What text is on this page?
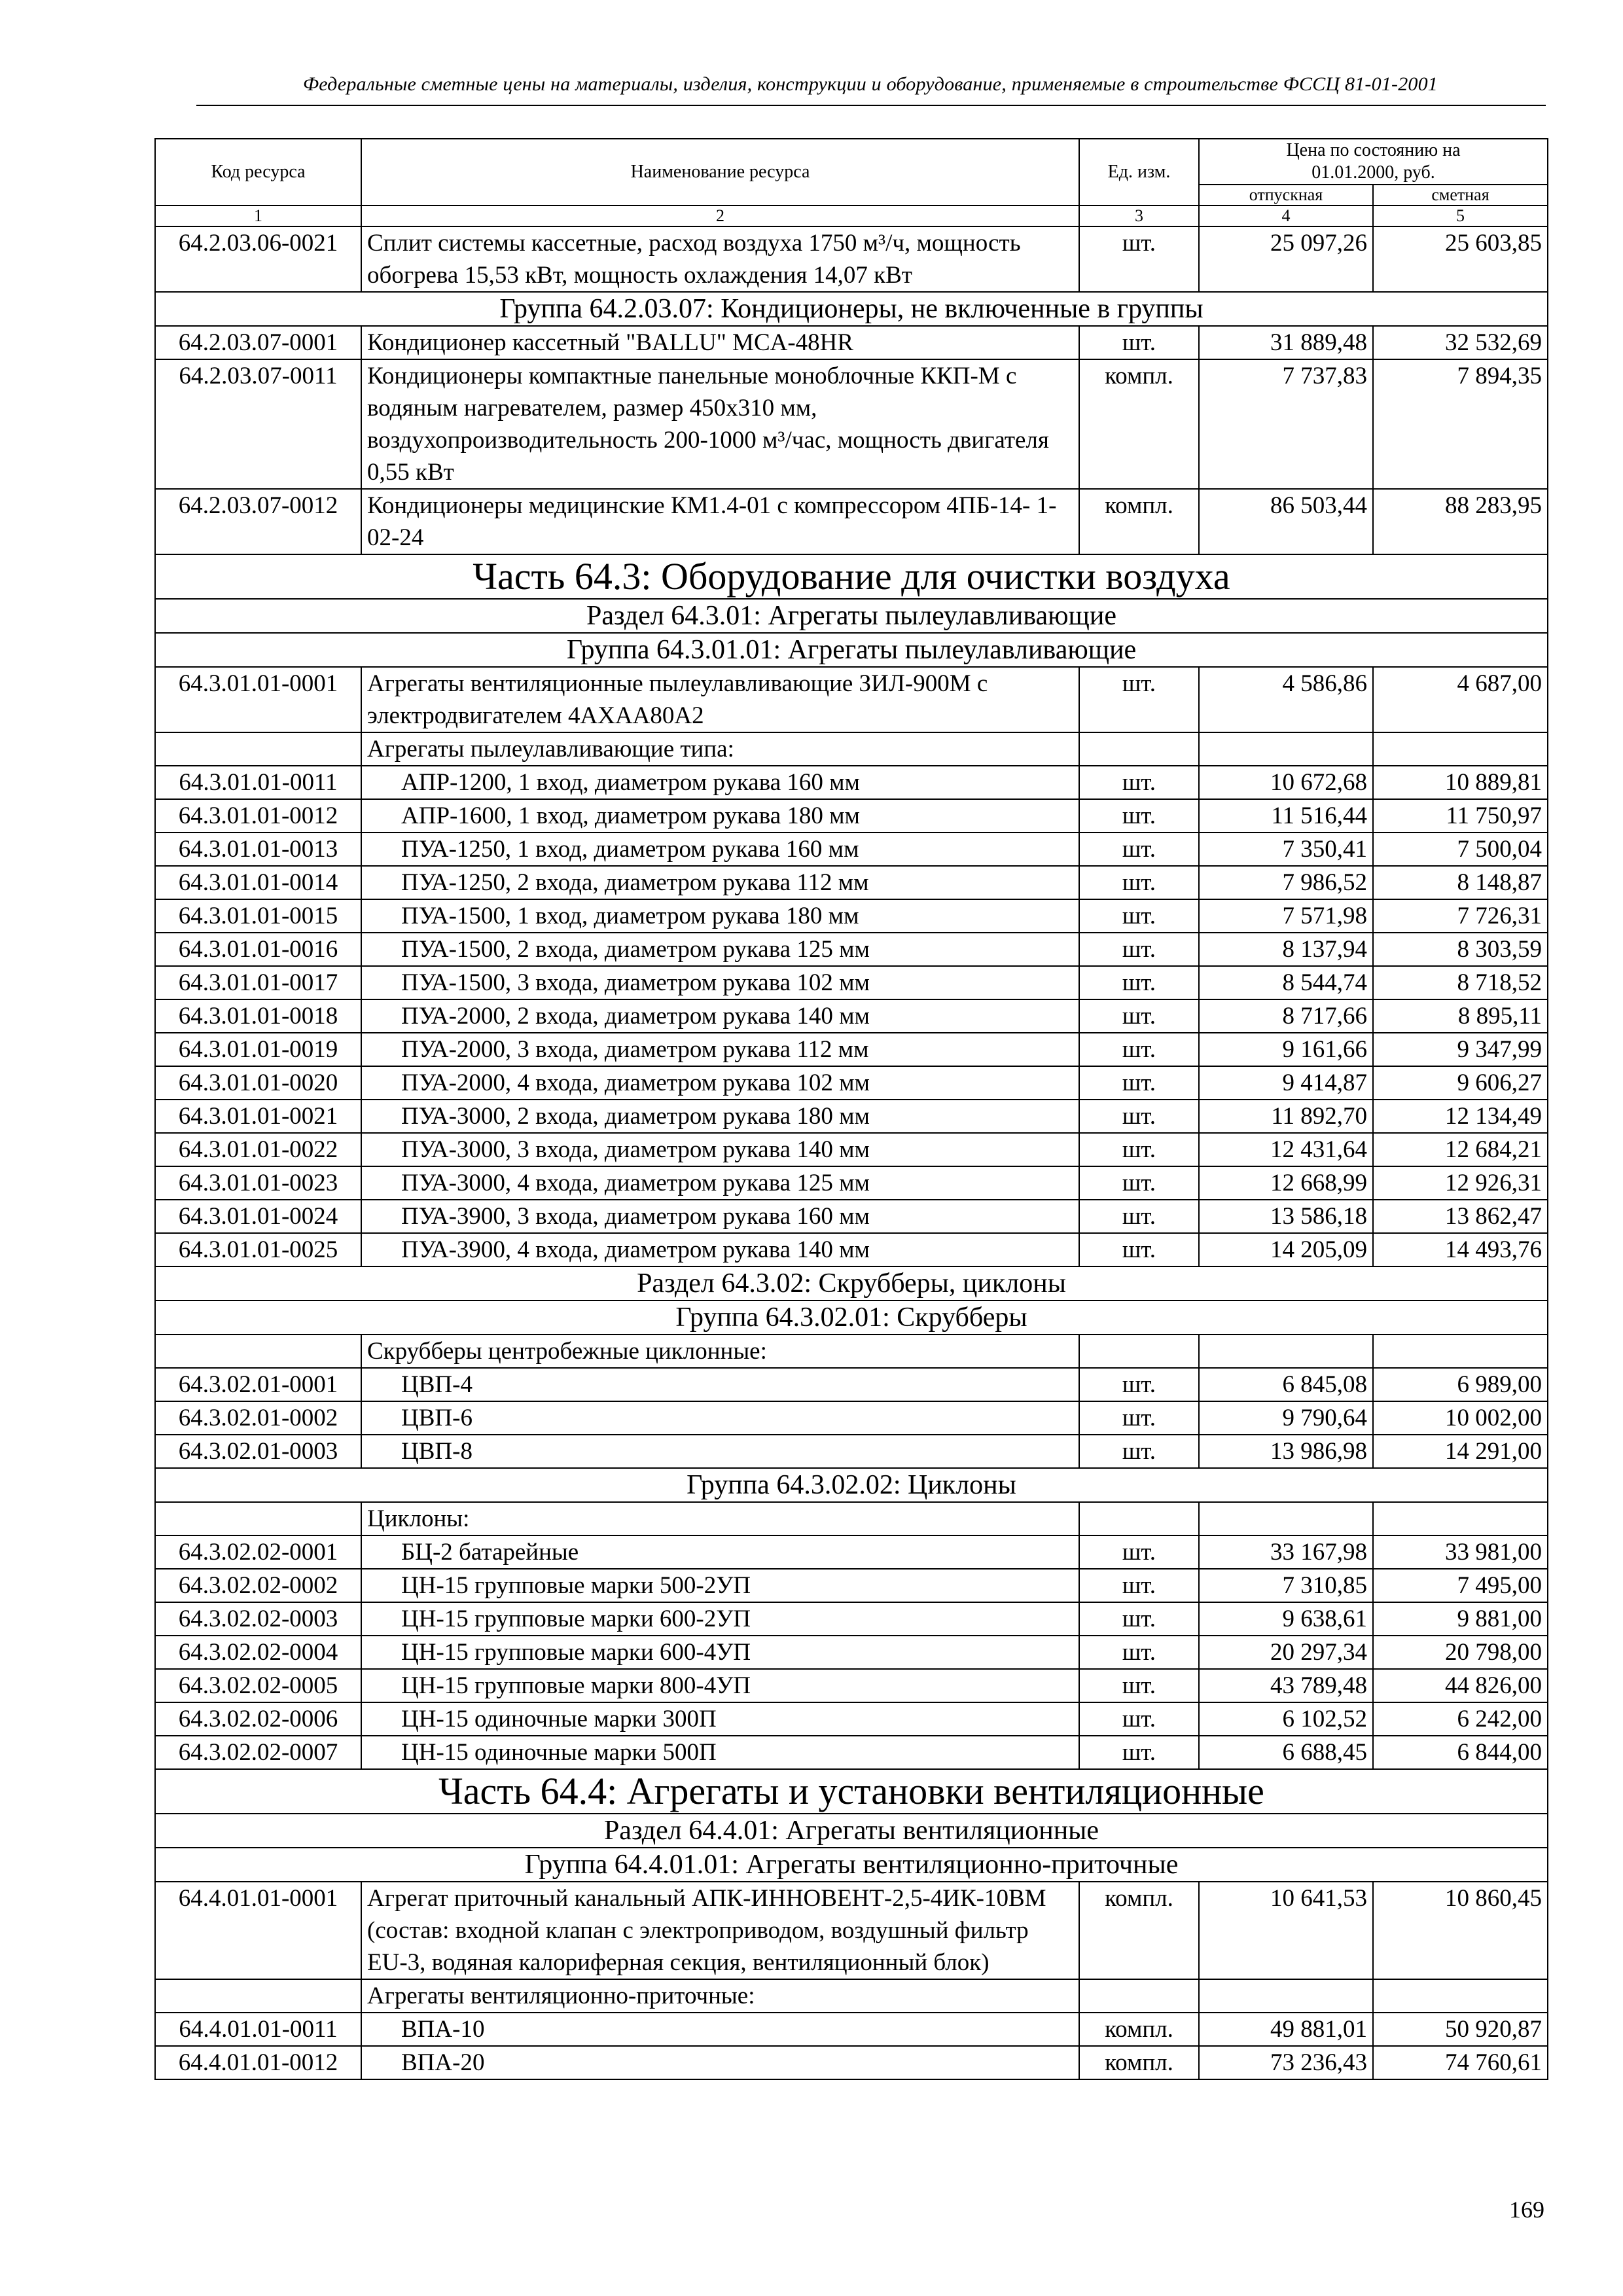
Федеральные сметные цены на материалы, изделия, конструкции и оборудование, применяемые в строительстве ФССЦ 81-01-2001
Код ресурса	Наименование ресурса	Ед. изм.	Цена по состоянию на 01.01.2000, руб.	
			отпускная	сметная
1	2	3	4	5
64.2.03.06-0021	Сплит системы кассетные, расход воздуха 1750 м³/ч, мощность обогрева 15,53 кВт, мощность охлаждения 14,07 кВт	шт.	25 097,26	25 603,85
Группа 64.2.03.07: Кондиционеры, не включенные в группы				
64.2.03.07-0001	Кондиционер кассетный "BALLU" MCA-48HR	шт.	31 889,48	32 532,69
64.2.03.07-0011	Кондиционеры компактные панельные моноблочные ККП-М с водяным нагревателем, размер 450х310 мм, воздухопроизводительность 200-1000 м³/час, мощность двигателя 0,55 кВт	компл.	7 737,83	7 894,35
64.2.03.07-0012	Кондиционеры медицинские КМ1.4-01 с компрессором 4ПБ-14- 1-02-24	компл.	86 503,44	88 283,95
Часть 64.3: Оборудование для очистки воздуха				
Раздел 64.3.01: Агрегаты пылеулавливающие				
Группа 64.3.01.01: Агрегаты пылеулавливающие				
64.3.01.01-0001	Агрегаты вентиляционные пылеулавливающие ЗИЛ-900М с электродвигателем 4АХАА80А2	шт.	4 586,86	4 687,00
	Агрегаты пылеулавливающие типа:			
64.3.01.01-0011	АПР-1200, 1 вход, диаметром рукава 160 мм	шт.	10 672,68	10 889,81
64.3.01.01-0012	АПР-1600, 1 вход, диаметром рукава 180 мм	шт.	11 516,44	11 750,97
64.3.01.01-0013	ПУА-1250, 1 вход, диаметром рукава 160 мм	шт.	7 350,41	7 500,04
64.3.01.01-0014	ПУА-1250, 2 входа, диаметром рукава 112 мм	шт.	7 986,52	8 148,87
64.3.01.01-0015	ПУА-1500, 1 вход, диаметром рукава 180 мм	шт.	7 571,98	7 726,31
64.3.01.01-0016	ПУА-1500, 2 входа, диаметром рукава 125 мм	шт.	8 137,94	8 303,59
64.3.01.01-0017	ПУА-1500, 3 входа, диаметром рукава 102 мм	шт.	8 544,74	8 718,52
64.3.01.01-0018	ПУА-2000, 2 входа, диаметром рукава 140 мм	шт.	8 717,66	8 895,11
64.3.01.01-0019	ПУА-2000, 3 входа, диаметром рукава 112 мм	шт.	9 161,66	9 347,99
64.3.01.01-0020	ПУА-2000, 4 входа, диаметром рукава 102 мм	шт.	9 414,87	9 606,27
64.3.01.01-0021	ПУА-3000, 2 входа, диаметром рукава 180 мм	шт.	11 892,70	12 134,49
64.3.01.01-0022	ПУА-3000, 3 входа, диаметром рукава 140 мм	шт.	12 431,64	12 684,21
64.3.01.01-0023	ПУА-3000, 4 входа, диаметром рукава 125 мм	шт.	12 668,99	12 926,31
64.3.01.01-0024	ПУА-3900, 3 входа, диаметром рукава 160 мм	шт.	13 586,18	13 862,47
64.3.01.01-0025	ПУА-3900, 4 входа, диаметром рукава 140 мм	шт.	14 205,09	14 493,76
Раздел 64.3.02: Скрубберы, циклоны				
Группа 64.3.02.01: Скрубберы				
	Скрубберы центробежные циклонные:			
64.3.02.01-0001	ЦВП-4	шт.	6 845,08	6 989,00
64.3.02.01-0002	ЦВП-6	шт.	9 790,64	10 002,00
64.3.02.01-0003	ЦВП-8	шт.	13 986,98	14 291,00
Группа 64.3.02.02: Циклоны				
	Циклоны:			
64.3.02.02-0001	БЦ-2 батарейные	шт.	33 167,98	33 981,00
64.3.02.02-0002	ЦН-15 групповые марки 500-2УП	шт.	7 310,85	7 495,00
64.3.02.02-0003	ЦН-15 групповые марки 600-2УП	шт.	9 638,61	9 881,00
64.3.02.02-0004	ЦН-15 групповые марки 600-4УП	шт.	20 297,34	20 798,00
64.3.02.02-0005	ЦН-15 групповые марки 800-4УП	шт.	43 789,48	44 826,00
64.3.02.02-0006	ЦН-15 одиночные марки 300П	шт.	6 102,52	6 242,00
64.3.02.02-0007	ЦН-15 одиночные марки 500П	шт.	6 688,45	6 844,00
Часть 64.4: Агрегаты и установки вентиляционные				
Раздел 64.4.01: Агрегаты вентиляционные				
Группа 64.4.01.01: Агрегаты вентиляционно-приточные				
64.4.01.01-0001	Агрегат приточный канальный АПК-ИННОВЕНТ-2,5-4ИК-10ВМ (состав: входной клапан с электроприводом, воздушный фильтр EU-3, водяная калориферная секция, вентиляционный блок)	компл.	10 641,53	10 860,45
	Агрегаты вентиляционно-приточные:			
64.4.01.01-0011	ВПА-10	компл.	49 881,01	50 920,87
64.4.01.01-0012	ВПА-20	компл.	73 236,43	74 760,61
169
